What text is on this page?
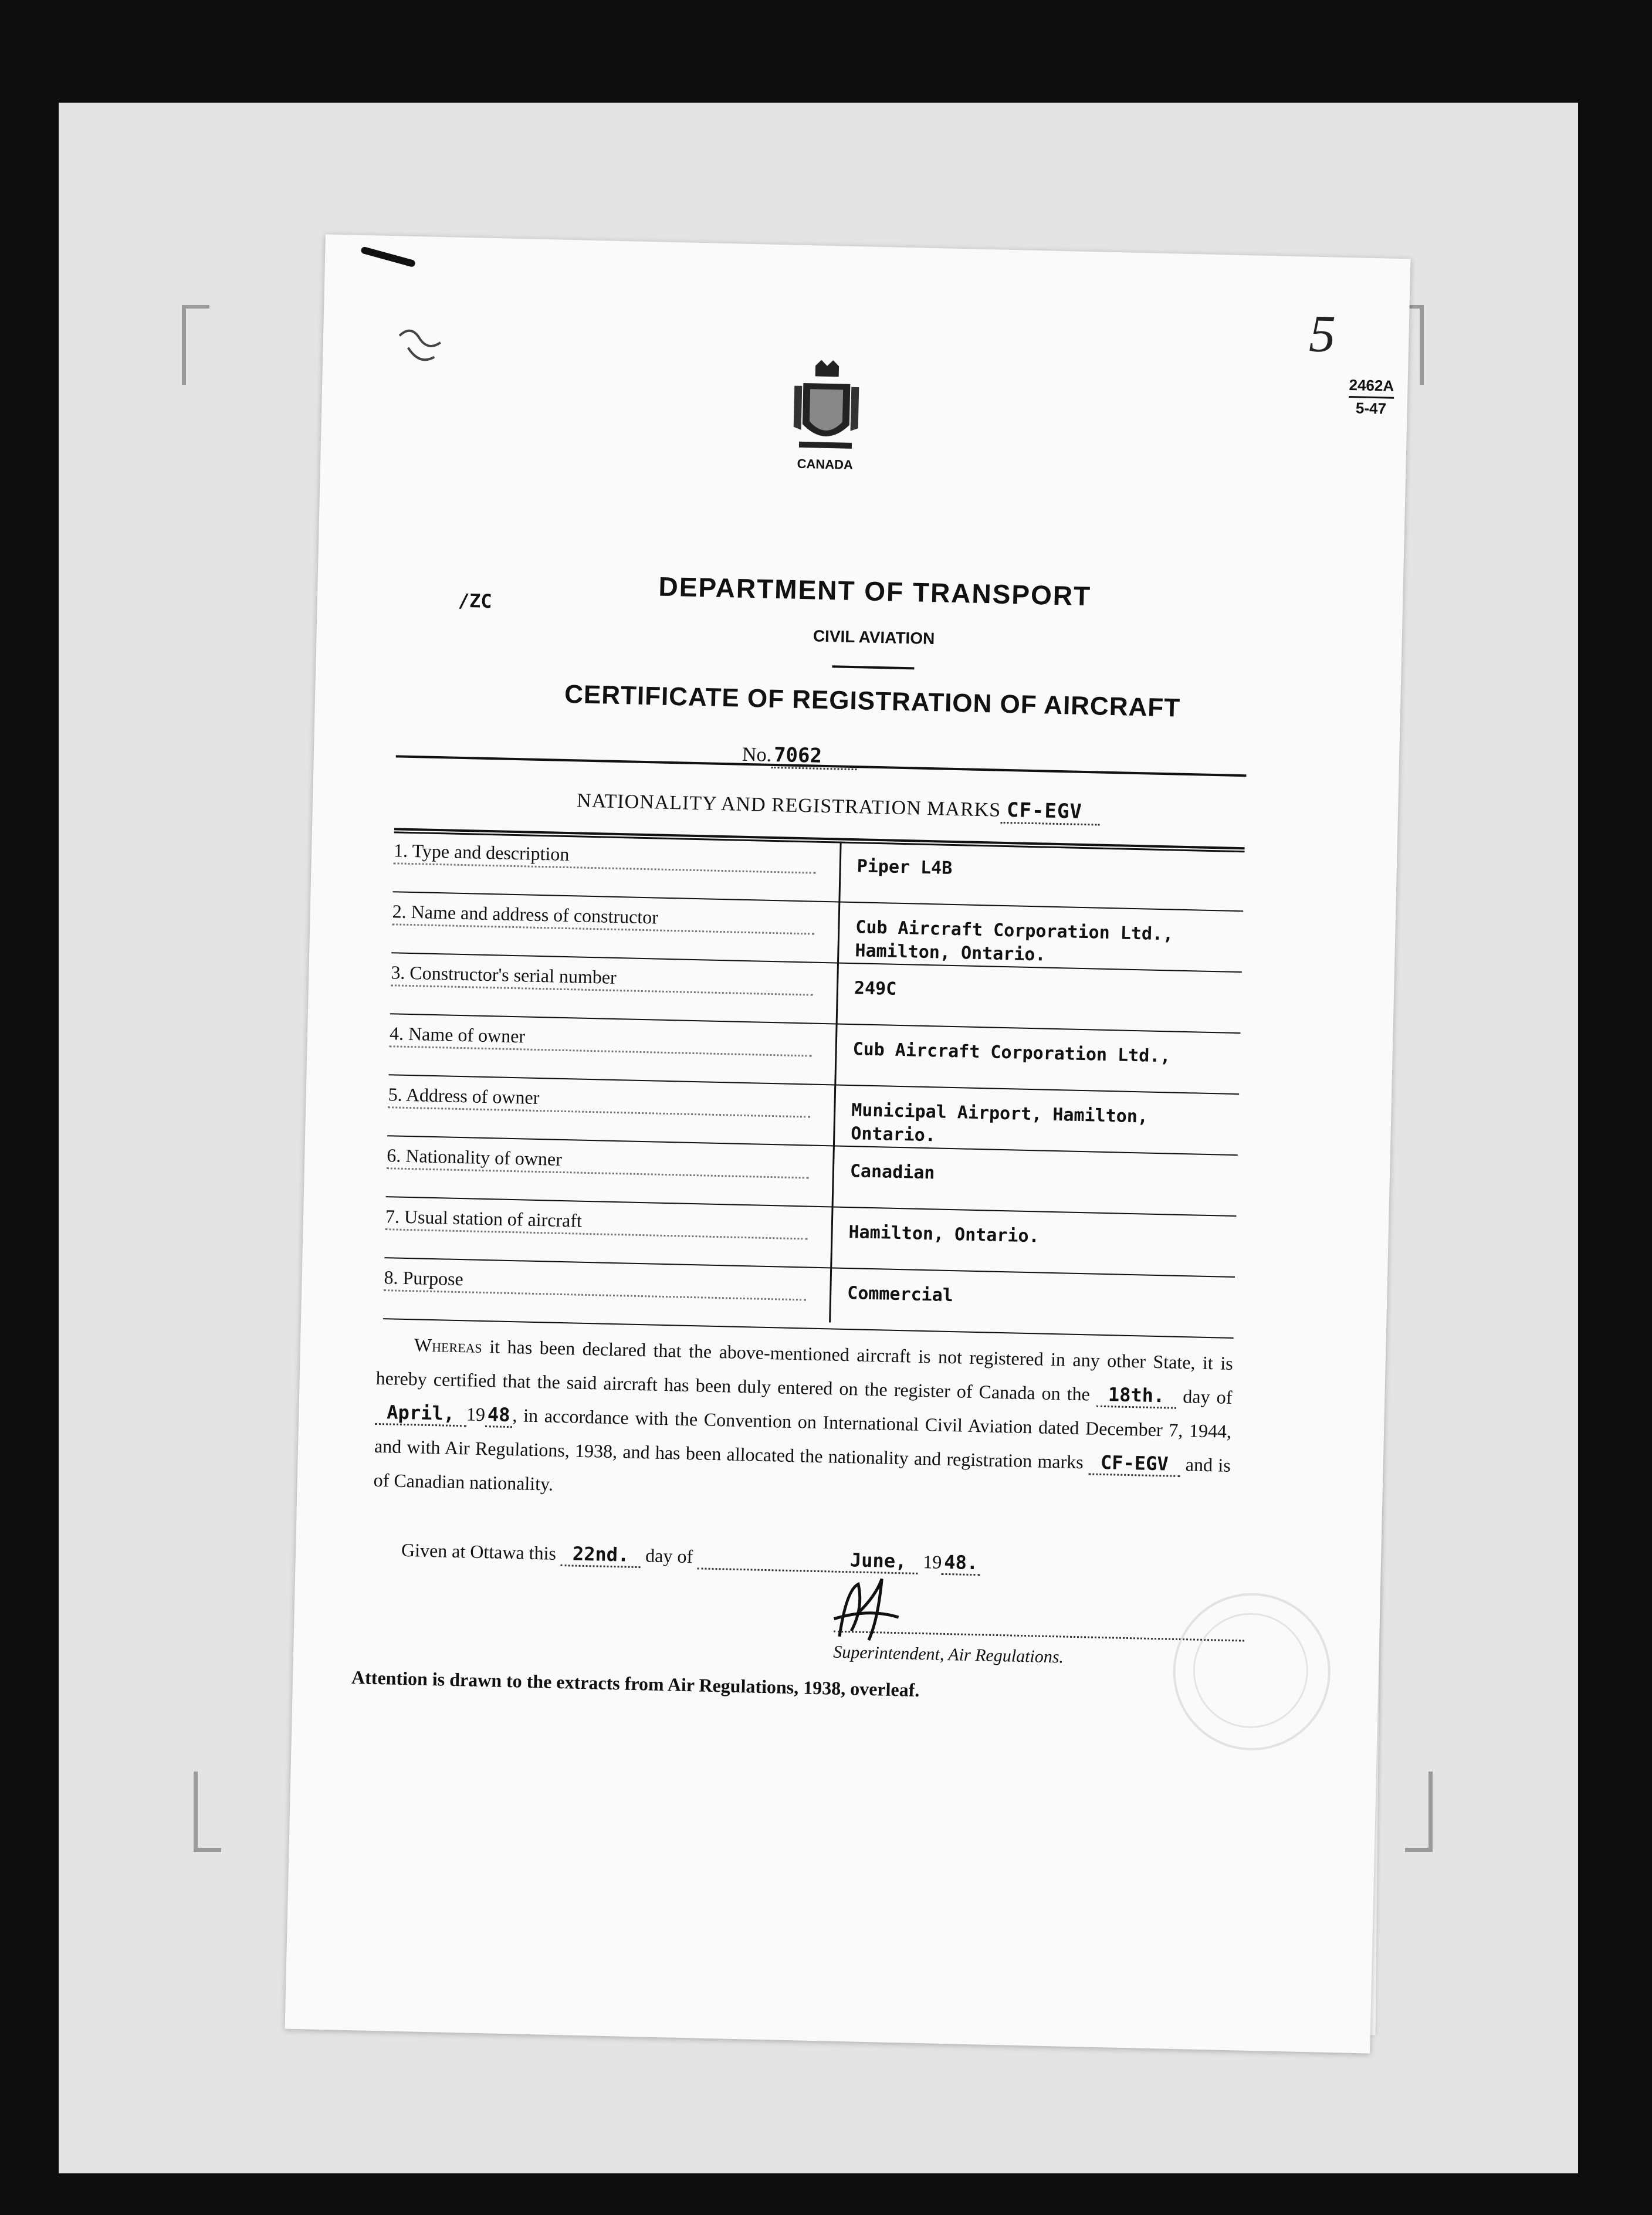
5
2462A
5-47
CANADA
/ZC	DEPARTMENT OF TRANSPORT
CIVIL AVIATION
CERTIFICATE OF REGISTRATION OF AIRCRAFT
No.7062
NATIONALITY AND REGISTRATION MARKS CF-EGV
1. Type and description
Piper L4B
2. Name and address of constructor
Cub Aircraft Corporation Ltd., Hamilton, Ontario.
3. Constructor's serial number
249C
4. Name of owner
Cub Aircraft Corporation Ltd.,
5. Address of owner
Municipal Airport, Hamilton, Ontario.
6. Nationality of owner
Canadian
7. Usual station of aircraft
Hamilton, Ontario.
8. Purpose
Commercial
  Whereas it has been declared that the above-mentioned aircraft is not registered in any other State, it is hereby certified that the said aircraft has been duly entered on the register of Canada on the 18th. day of April, 1948, in accordance with the Convention on International Civil Aviation dated December 7, 1944, and with Air Regulations, 1938, and has been allocated the nationality and registration marks CF-EGV and is of Canadian nationality.
Given at Ottawa this 22nd. day of	June, 1948.
Superintendent, Air Regulations.
Attention is drawn to the extracts from Air Regulations, 1938, overleaf.
